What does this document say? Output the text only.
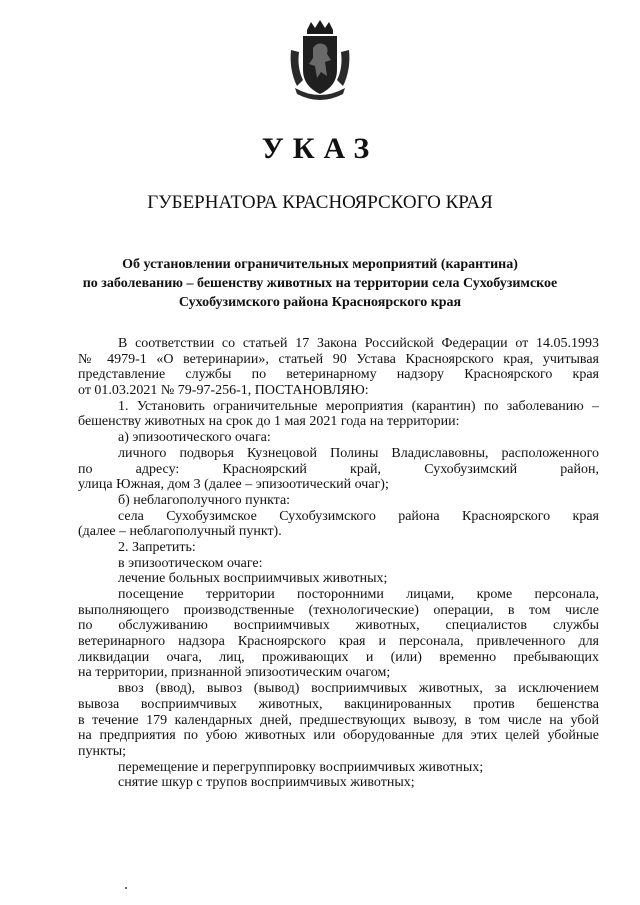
УКАЗ
ГУБЕРНАТОРА КРАСНОЯРСКОГО КРАЯ
Об установлении ограничительных мероприятий (карантина)
по заболеванию – бешенству животных на территории села Сухобузимское
Сухобузимского района Красноярского края
В соответствии со статьей 17 Закона Российской Федерации от 14.05.1993
№ 4979-1 «О ветеринарии», статьей 90 Устава Красноярского края, учитывая
представление службы по ветеринарному надзору Красноярского края
от 01.03.2021 № 79-97-256-1, ПОСТАНОВЛЯЮ:
1. Установить ограничительные мероприятия (карантин) по заболеванию –
бешенству животных на срок до 1 мая 2021 года на территории:
а) эпизоотического очага:
личного подворья Кузнецовой Полины Владиславовны, расположенного
по адресу: Красноярский край, Сухобузимский район,
улица Южная, дом 3 (далее – эпизоотический очаг);
б) неблагополучного пункта:
села Сухобузимское Сухобузимского района Красноярского края
(далее – неблагополучный пункт).
2. Запретить:
в эпизоотическом очаге:
лечение больных восприимчивых животных;
посещение территории посторонними лицами, кроме персонала,
выполняющего производственные (технологические) операции, в том числе
по обслуживанию восприимчивых животных, специалистов службы
ветеринарного надзора Красноярского края и персонала, привлеченного для
ликвидации очага, лиц, проживающих и (или) временно пребывающих
на территории, признанной эпизоотическим очагом;
ввоз (ввод), вывоз (вывод) восприимчивых животных, за исключением
вывоза восприимчивых животных, вакцинированных против бешенства
в течение 179 календарных дней, предшествующих вывозу, в том числе на убой
на предприятия по убою животных или оборудованные для этих целей убойные
пункты;
перемещение и перегруппировку восприимчивых животных;
снятие шкур с трупов восприимчивых животных;
